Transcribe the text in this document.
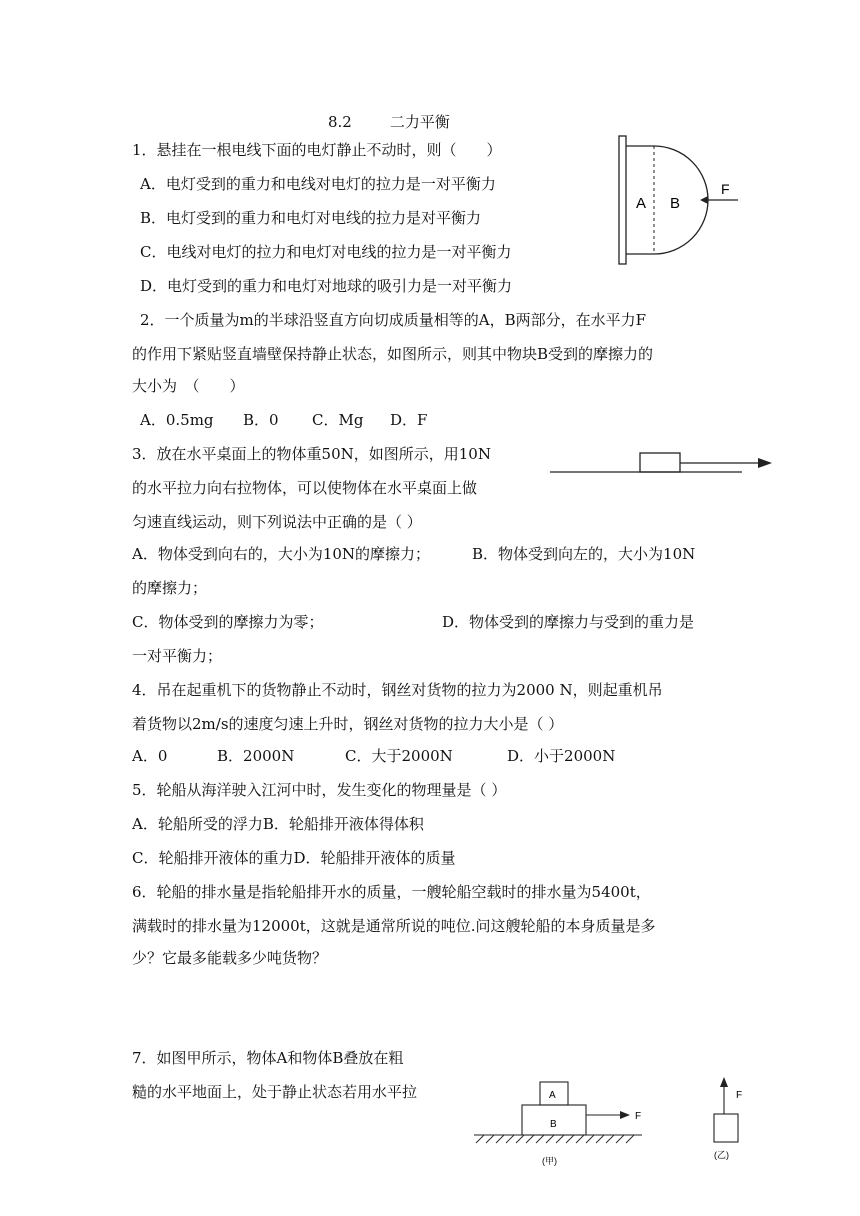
8.2	二力平衡
1．悬挂在一根电线下面的电灯静止不动时，则（　　）
A．电灯受到的重力和电线对电灯的拉力是一对平衡力
B．电灯受到的重力和电灯对电线的拉力是对平衡力
C．电线对电灯的拉力和电灯对电线的拉力是一对平衡力
D．电灯受到的重力和电灯对地球的吸引力是一对平衡力
A B
F
2．一个质量为m的半球沿竖直方向切成质量相等的A，B两部分，在水平力F
的作用下紧贴竖直墙壁保持静止状态，如图所示，则其中物块B受到的摩擦力的
大小为　（　　）
A．0.5mg B．0 C．Mg D．F
3．放在水平桌面上的物体重50N，如图所示，用10N
的水平拉力向右拉物体，可以使物体在水平桌面上做
匀速直线运动，则下列说法中正确的是（ ）
A．物体受到向右的，大小为10N的摩擦力；	B．物体受到向左的，大小为10N
的摩擦力；
C．物体受到的摩擦力为零；	D．物体受到的摩擦力与受到的重力是
一对平衡力；
4．吊在起重机下的货物静止不动时，钢丝对货物的拉力为2000 N，则起重机吊
着货物以2m/s的速度匀速上升时，钢丝对货物的拉力大小是（ ）
A．0	B．2000N	C．大于2000N	D．小于2000N
5．轮船从海洋驶入江河中时，发生变化的物理量是（ ）
A．轮船所受的浮力B．轮船排开液体得体积
C．轮船排开液体的重力D．轮船排开液体的质量
6．轮船的排水量是指轮船排开水的质量，一艘轮船空载时的排水量为5400t，
满载时的排水量为12000t，这就是通常所说的吨位.问这艘轮船的本身质量是多
少？它最多能载多少吨货物？
7．如图甲所示，物体A和物体B叠放在粗
糙的水平地面上，处于静止状态若用水平拉	A
B
F
(甲)
F
(乙)
